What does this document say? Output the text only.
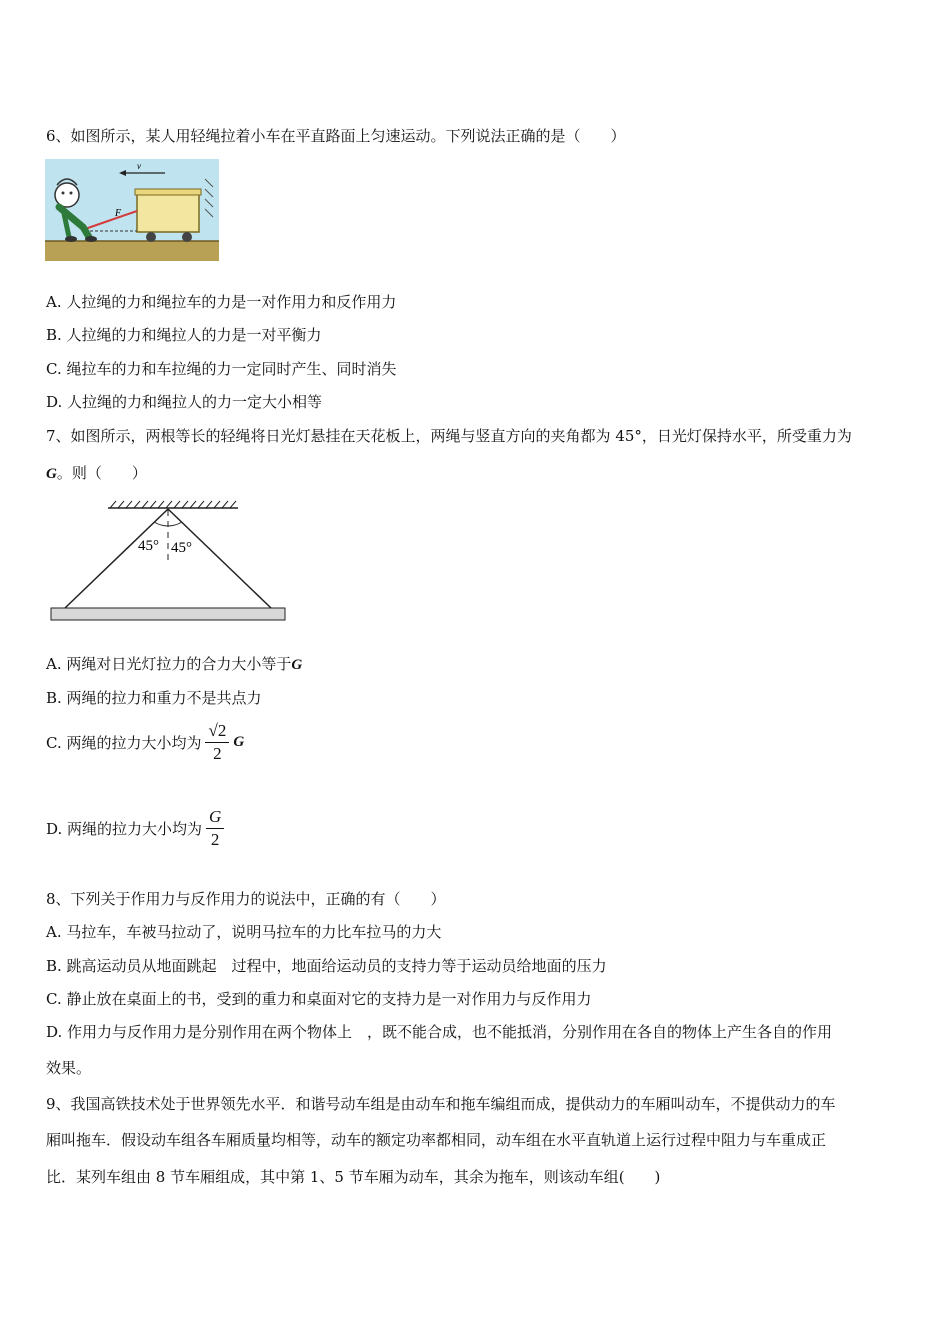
6、如图所示，某人用轻绳拉着小车在平直路面上匀速运动。下列说法正确的是（　　）
v
F
A. 人拉绳的力和绳拉车的力是一对作用力和反作用力
B. 人拉绳的力和绳拉人的力是一对平衡力
C. 绳拉车的力和车拉绳的力一定同时产生、同时消失
D. 人拉绳的力和绳拉人的力一定大小相等
7、如图所示，两根等长的轻绳将日光灯悬挂在天花板上，两绳与竖直方向的夹角都为 45°，日光灯保持水平，所受重力为
G。则（　　）
45° 45°
A. 两绳对日光灯拉力的合力大小等于G
B. 两绳的拉力和重力不是共点力
C. 两绳的拉力大小均为 $\frac{√2}{2}$ G
D. 两绳的拉力大小均为 $\frac{G}{2}$
8、下列关于作用力与反作用力的说法中，正确的有（　　）
A. 马拉车，车被马拉动了，说明马拉车的力比车拉马的力大
B. 跳高运动员从地面跳起　过程中，地面给运动员的支持力等于运动员给地面的压力
C. 静止放在桌面上的书，受到的重力和桌面对它的支持力是一对作用力与反作用力
D. 作用力与反作用力是分别作用在两个物体上　，既不能合成，也不能抵消，分别作用在各自的物体上产生各自的作用
效果。
9、我国高铁技术处于世界领先水平．和谐号动车组是由动车和拖车编组而成，提供动力的车厢叫动车，不提供动力的车
厢叫拖车．假设动车组各车厢质量均相等，动车的额定功率都相同，动车组在水平直轨道上运行过程中阻力与车重成正
比．某列车组由 8 节车厢组成，其中第 1、5 节车厢为动车，其余为拖车，则该动车组(　　)
